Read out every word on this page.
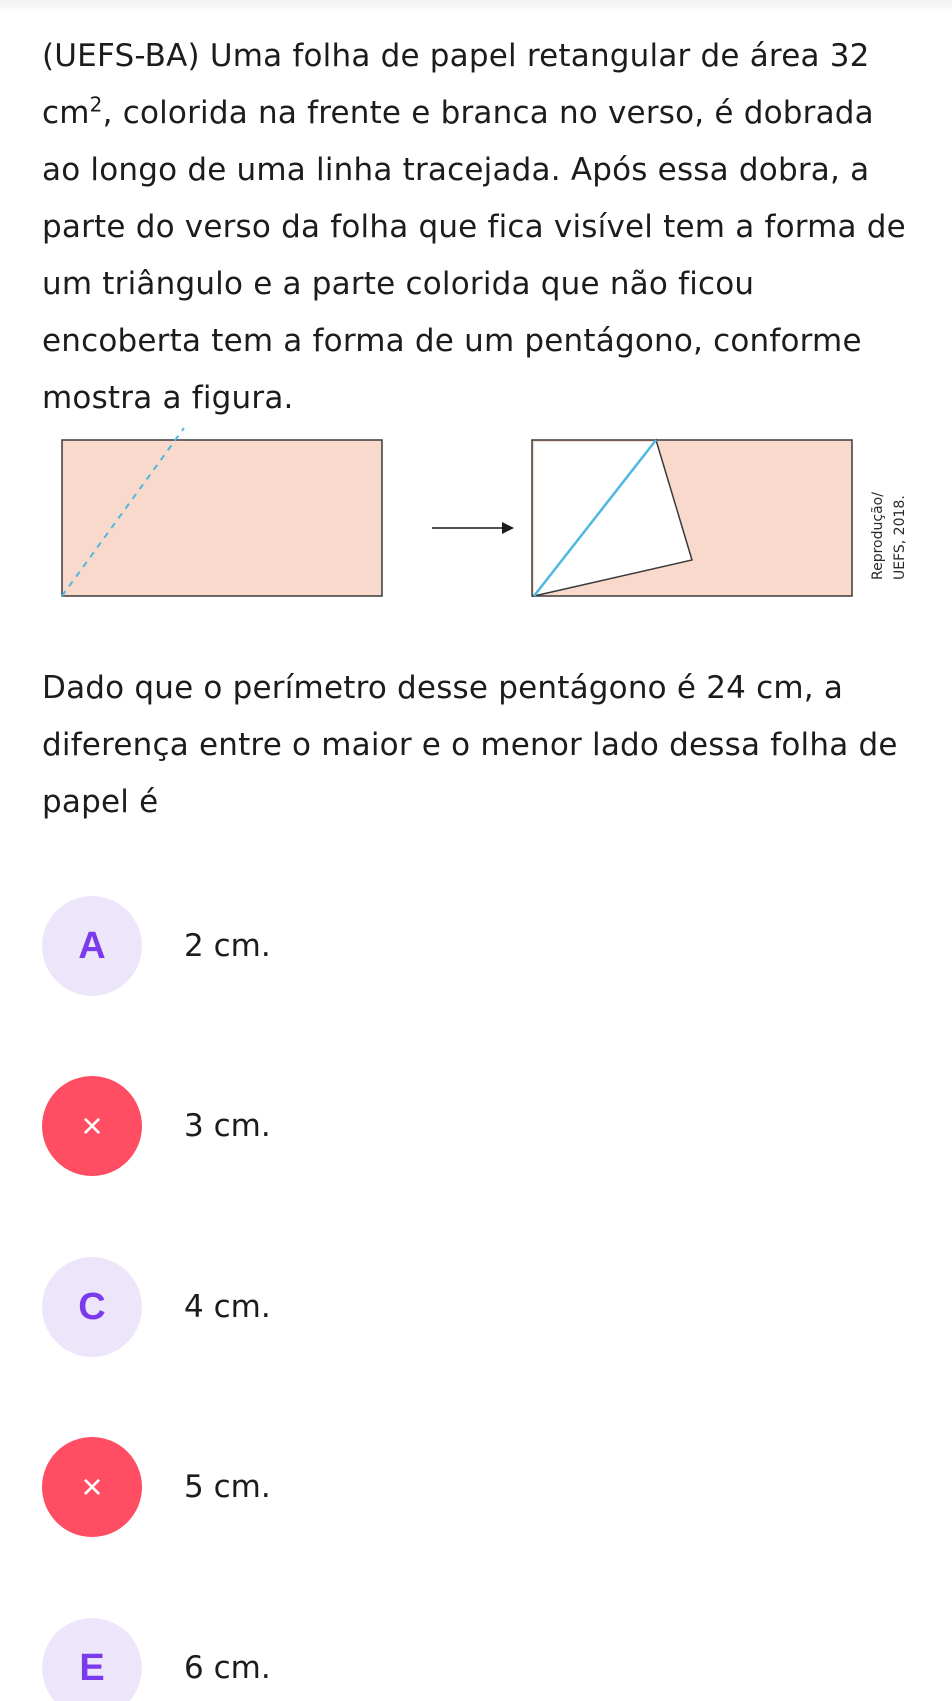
(UEFS-BA) Uma folha de papel retangular de área 32 $cm^2$, colorida na frente e branca no verso, é dobrada ao longo de uma linha tracejada. Após essa dobra, a parte do verso da folha que fica visível tem a forma de um triângulo e a parte colorida que não ficou encoberta tem a forma de um pentágono, conforme mostra a figura.

Reprodução/ UEFS, 2018.

Dado que o perímetro desse pentágono é 24 cm, a diferença entre o maior e o menor lado dessa folha de papel é

A	2 cm.
×	3 cm.
C	4 cm.
×	5 cm.
E	6 cm.
